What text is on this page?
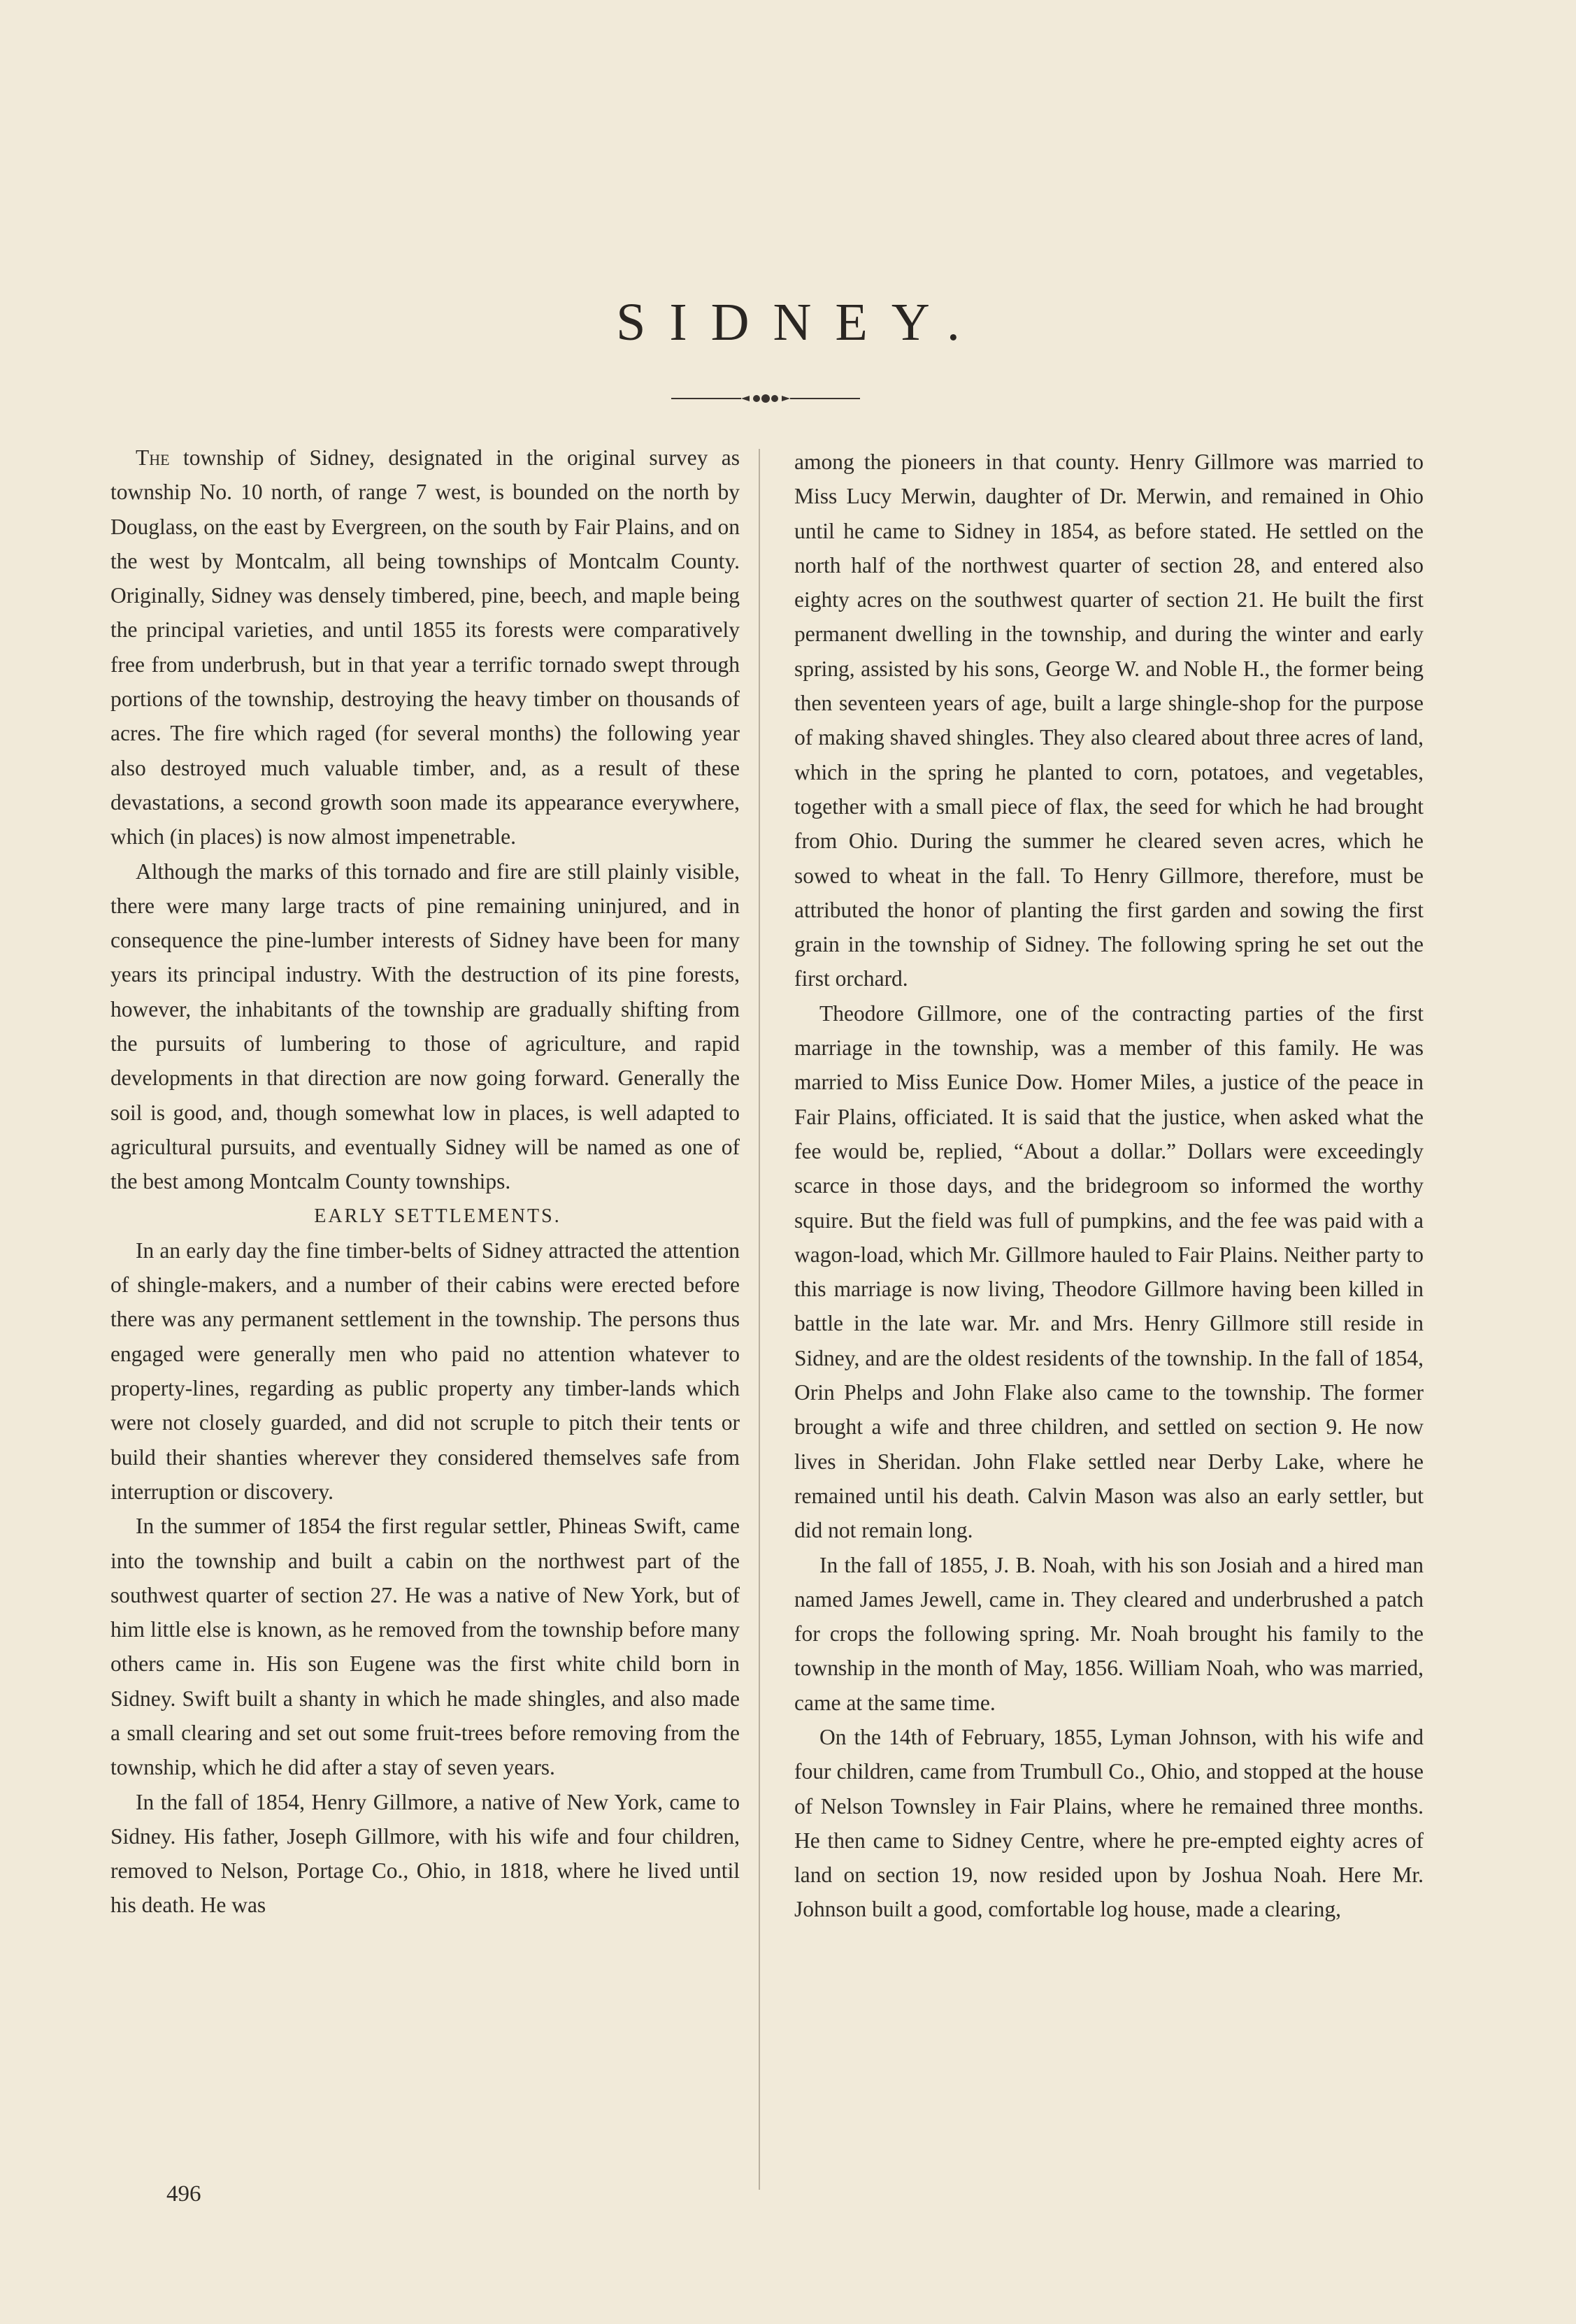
SIDNEY.

The township of Sidney, designated in the original survey as township No. 10 north, of range 7 west, is bounded on the north by Douglass, on the east by Evergreen, on the south by Fair Plains, and on the west by Montcalm, all being townships of Montcalm County. Originally, Sidney was densely timbered, pine, beech, and maple being the principal varieties, and until 1855 its forests were comparatively free from underbrush, but in that year a terrific tornado swept through portions of the township, destroying the heavy timber on thousands of acres. The fire which raged (for several months) the following year also destroyed much valuable timber, and, as a result of these devastations, a second growth soon made its appearance everywhere, which (in places) is now almost impenetrable.

Although the marks of this tornado and fire are still plainly visible, there were many large tracts of pine remaining uninjured, and in consequence the pine-lumber interests of Sidney have been for many years its principal industry. With the destruction of its pine forests, however, the inhabitants of the township are gradually shifting from the pursuits of lumbering to those of agriculture, and rapid developments in that direction are now going forward. Generally the soil is good, and, though somewhat low in places, is well adapted to agricultural pursuits, and eventually Sidney will be named as one of the best among Montcalm County townships.

EARLY SETTLEMENTS.

In an early day the fine timber-belts of Sidney attracted the attention of shingle-makers, and a number of their cabins were erected before there was any permanent settlement in the township. The persons thus engaged were generally men who paid no attention whatever to property-lines, regarding as public property any timber-lands which were not closely guarded, and did not scruple to pitch their tents or build their shanties wherever they considered themselves safe from interruption or discovery.

In the summer of 1854 the first regular settler, Phineas Swift, came into the township and built a cabin on the northwest part of the southwest quarter of section 27. He was a native of New York, but of him little else is known, as he removed from the township before many others came in. His son Eugene was the first white child born in Sidney. Swift built a shanty in which he made shingles, and also made a small clearing and set out some fruit-trees before removing from the township, which he did after a stay of seven years.

In the fall of 1854, Henry Gillmore, a native of New York, came to Sidney. His father, Joseph Gillmore, with his wife and four children, removed to Nelson, Portage Co., Ohio, in 1818, where he lived until his death. He was

among the pioneers in that county. Henry Gillmore was married to Miss Lucy Merwin, daughter of Dr. Merwin, and remained in Ohio until he came to Sidney in 1854, as before stated. He settled on the north half of the northwest quarter of section 28, and entered also eighty acres on the southwest quarter of section 21. He built the first permanent dwelling in the township, and during the winter and early spring, assisted by his sons, George W. and Noble H., the former being then seventeen years of age, built a large shingle-shop for the purpose of making shaved shingles. They also cleared about three acres of land, which in the spring he planted to corn, potatoes, and vegetables, together with a small piece of flax, the seed for which he had brought from Ohio. During the summer he cleared seven acres, which he sowed to wheat in the fall. To Henry Gillmore, therefore, must be attributed the honor of planting the first garden and sowing the first grain in the township of Sidney. The following spring he set out the first orchard.

Theodore Gillmore, one of the contracting parties of the first marriage in the township, was a member of this family. He was married to Miss Eunice Dow. Homer Miles, a justice of the peace in Fair Plains, officiated. It is said that the justice, when asked what the fee would be, replied, “About a dollar.” Dollars were exceedingly scarce in those days, and the bridegroom so informed the worthy squire. But the field was full of pumpkins, and the fee was paid with a wagon-load, which Mr. Gillmore hauled to Fair Plains. Neither party to this marriage is now living, Theodore Gillmore having been killed in battle in the late war. Mr. and Mrs. Henry Gillmore still reside in Sidney, and are the oldest residents of the township. In the fall of 1854, Orin Phelps and John Flake also came to the township. The former brought a wife and three children, and settled on section 9. He now lives in Sheridan. John Flake settled near Derby Lake, where he remained until his death. Calvin Mason was also an early settler, but did not remain long.

In the fall of 1855, J. B. Noah, with his son Josiah and a hired man named James Jewell, came in. They cleared and underbrushed a patch for crops the following spring. Mr. Noah brought his family to the township in the month of May, 1856. William Noah, who was married, came at the same time.

On the 14th of February, 1855, Lyman Johnson, with his wife and four children, came from Trumbull Co., Ohio, and stopped at the house of Nelson Townsley in Fair Plains, where he remained three months. He then came to Sidney Centre, where he pre-empted eighty acres of land on section 19, now resided upon by Joshua Noah. Here Mr. Johnson built a good, comfortable log house, made a clearing,

496
